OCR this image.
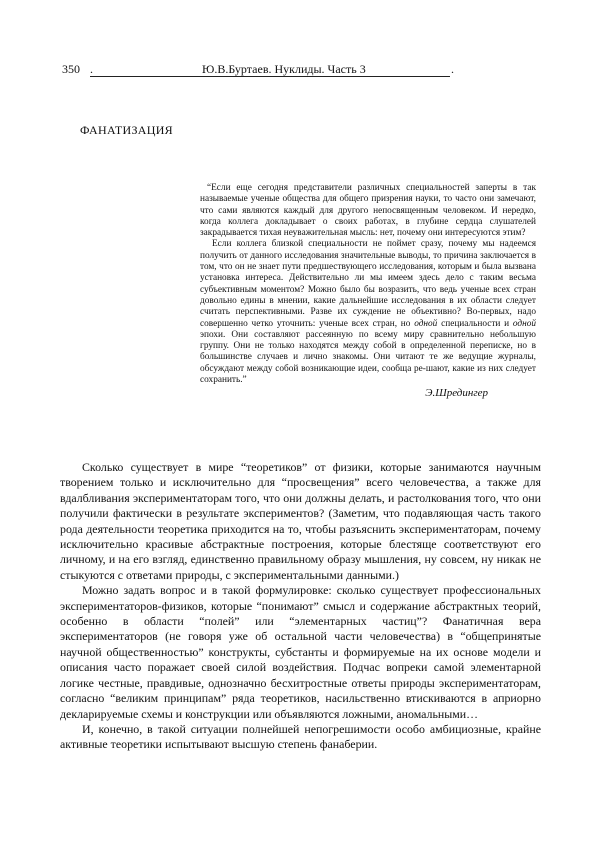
350 .	Ю.В.Буртаев. Нуклиды. Часть 3	.
ФАНАТИЗАЦИЯ

“Если еще сегодня представители различных специальностей заперты в так называемые ученые общества для общего призрения науки, то часто они замечают, что сами являются каждый для другого непосвященным человеком. И нередко, когда коллега докладывает о своих работах, в глубине сердца слушателей закрадывается тихая неуважительная мысль: нет, почему они интересуются этим?

Если коллега близкой специальности не поймет сразу, почему мы надеемся получить от данного исследования значительные выводы, то причина заключается в том, что он не знает пути предшествующего исследования, которым и была вызвана установка интереса. Действительно ли мы имеем здесь дело с таким весьма субъективным моментом? Можно было бы возразить, что ведь ученые всех стран довольно едины в мнении, какие дальнейшие исследования в их области следует считать перспективными. Разве их суждение не объективно? Во-первых, надо совершенно четко уточнить: ученые всех стран, но одной специальности и одной эпохи. Они составляют рассеянную по всему миру сравнительно небольшую группу. Они не только находятся между собой в определенной переписке, но в большинстве случаев и лично знакомы. Они читают те же ведущие журналы, обсуждают между собой возникающие идеи, сообща ре-шают, какие из них следует сохранить.”

Э.Шредингер

Сколько существует в мире “теоретиков” от физики, которые занимаются научным творением только и исключительно для “просвещения” всего человечества, а также для вдалбливания экспериментаторам того, что они должны делать, и растолкования того, что они получили фактически в результате экспериментов? (Заметим, что подавляющая часть такого рода деятельности теоретика приходится на то, чтобы разъяснить экспериментаторам, почему исключительно красивые абстрактные построения, которые блестяще соответствуют его личному, и на его взгляд, единственно правильному образу мышления, ну совсем, ну никак не стыкуются с ответами природы, с экспериментальными данными.)

Можно задать вопрос и в такой формулировке: сколько существует профессиональных экспериментаторов-физиков, которые “понимают” смысл и содержание абстрактных теорий, особенно в области “полей” или “элементарных частиц”? Фанатичная вера экспериментаторов (не говоря уже об остальной части человечества) в “общепринятые научной общественностью” конструкты, субстанты и формируемые на их основе модели и описания часто поражает своей силой воздействия. Подчас вопреки самой элементарной логике честные, правдивые, однозначно бесхитростные ответы природы экспериментаторам, согласно “великим принципам” ряда теоретиков, насильственно втискиваются в априорно декларируемые схемы и конструкции или объявляются ложными, аномальными…

И, конечно, в такой ситуации полнейшей непогрешимости особо амбициозные, крайне активные теоретики испытывают высшую степень фанаберии.
